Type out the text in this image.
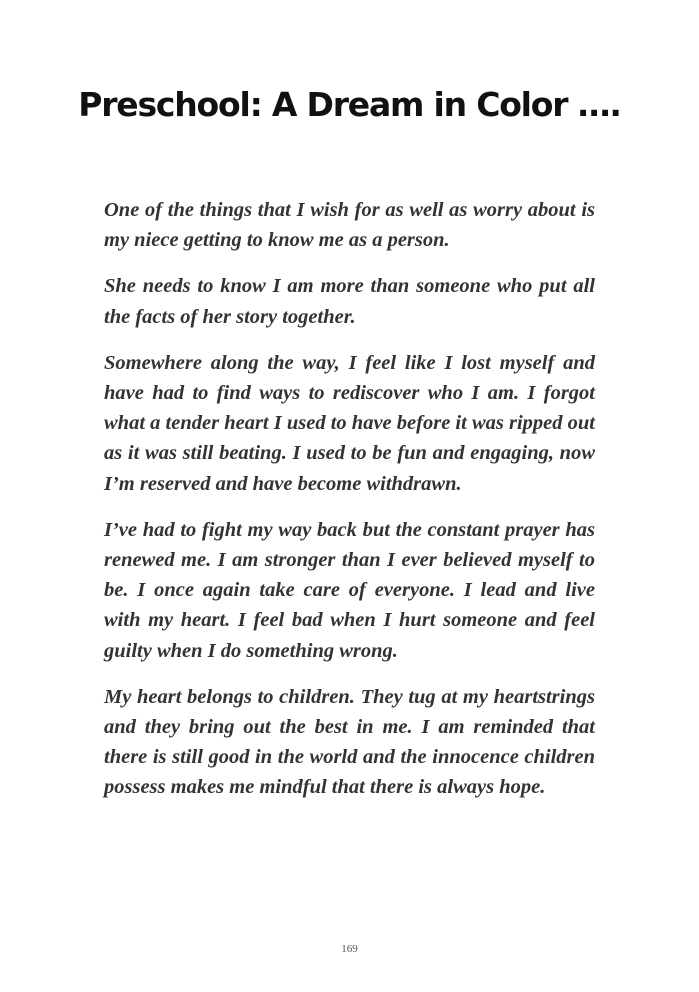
Preschool: A Dream in Color ….

One of the things that I wish for as well as worry about is my niece getting to know me as a person.

She needs to know I am more than someone who put all the facts of her story together.

Somewhere along the way, I feel like I lost myself and have had to find ways to rediscover who I am. I forgot what a tender heart I used to have before it was ripped out as it was still beating. I used to be fun and engaging, now I’m reserved and have become withdrawn.

I’ve had to fight my way back but the constant prayer has renewed me. I am stronger than I ever believed myself to be. I once again take care of everyone. I lead and live with my heart. I feel bad when I hurt someone and feel guilty when I do something wrong.

My heart belongs to children. They tug at my heartstrings and they bring out the best in me. I am reminded that there is still good in the world and the innocence children possess makes me mindful that there is always hope.

169
